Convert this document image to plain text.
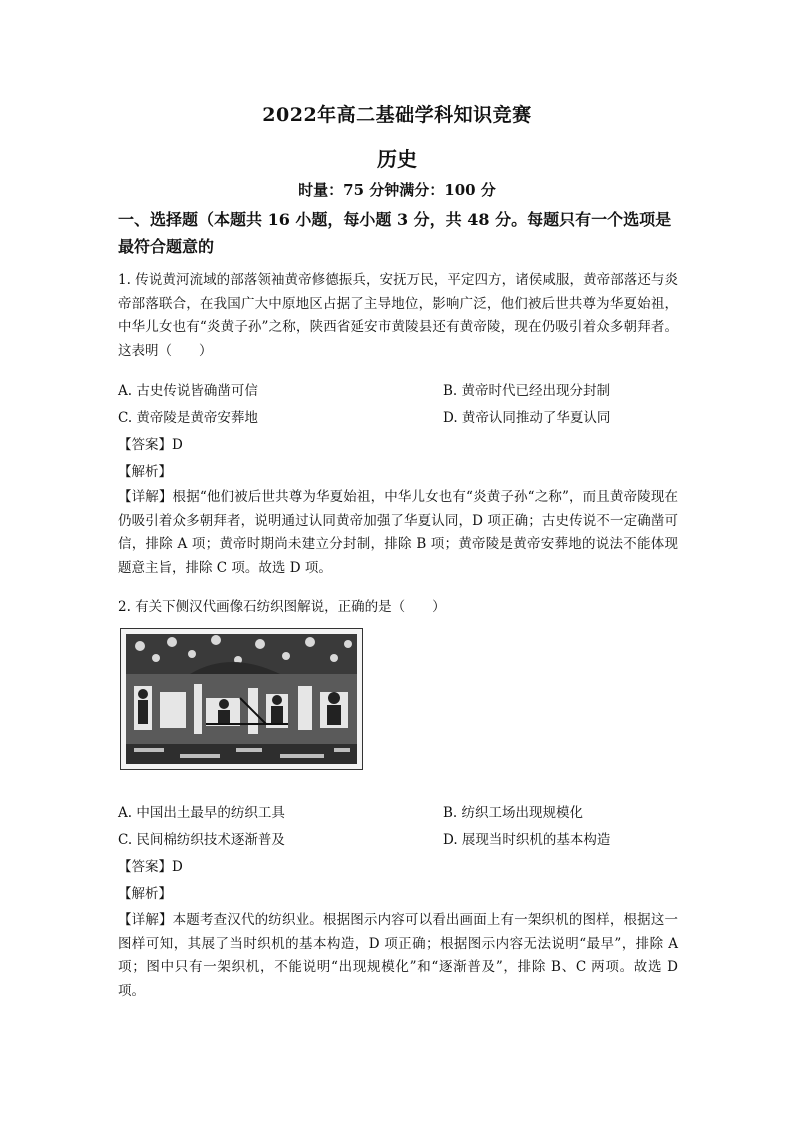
2022年高二基础学科知识竞赛
历史
时量：75 分钟满分：100 分
一、选择题（本题共 16 小题，每小题 3 分，共 48 分。每题只有一个选项是最符合题意的
1. 传说黄河流域的部落领袖黄帝修德振兵，安抚万民，平定四方，诸侯咸服，黄帝部落还与炎帝部落联合，在我国广大中原地区占据了主导地位，影响广泛，他们被后世共尊为华夏始祖，中华儿女也有“炎黄子孙”之称，陕西省延安市黄陵县还有黄帝陵，现在仍吸引着众多朝拜者。这表明（　　）
A. 古史传说皆确凿可信	B. 黄帝时代已经出现分封制
C. 黄帝陵是黄帝安葬地	D. 黄帝认同推动了华夏认同
【答案】D
【解析】
【详解】根据“他们被后世共尊为华夏始祖，中华儿女也有“炎黄子孙“之称”，而且黄帝陵现在仍吸引着众多朝拜者，说明通过认同黄帝加强了华夏认同，D 项正确；古史传说不一定确凿可信，排除 A 项；黄帝时期尚未建立分封制，排除 B 项；黄帝陵是黄帝安葬地的说法不能体现题意主旨，排除 C 项。故选 D 项。
2. 有关下侧汉代画像石纺织图解说，正确的是（　　）
A. 中国出土最早的纺织工具	B. 纺织工场出现规模化
C. 民间棉纺织技术逐渐普及	D. 展现当时织机的基本构造
【答案】D
【解析】
【详解】本题考查汉代的纺织业。根据图示内容可以看出画面上有一架织机的图样，根据这一图样可知，其展了当时织机的基本构造，D 项正确；根据图示内容无法说明“最早”，排除 A 项；图中只有一架织机，不能说明“出现规模化”和“逐渐普及”，排除 B、C 两项。故选 D 项。
